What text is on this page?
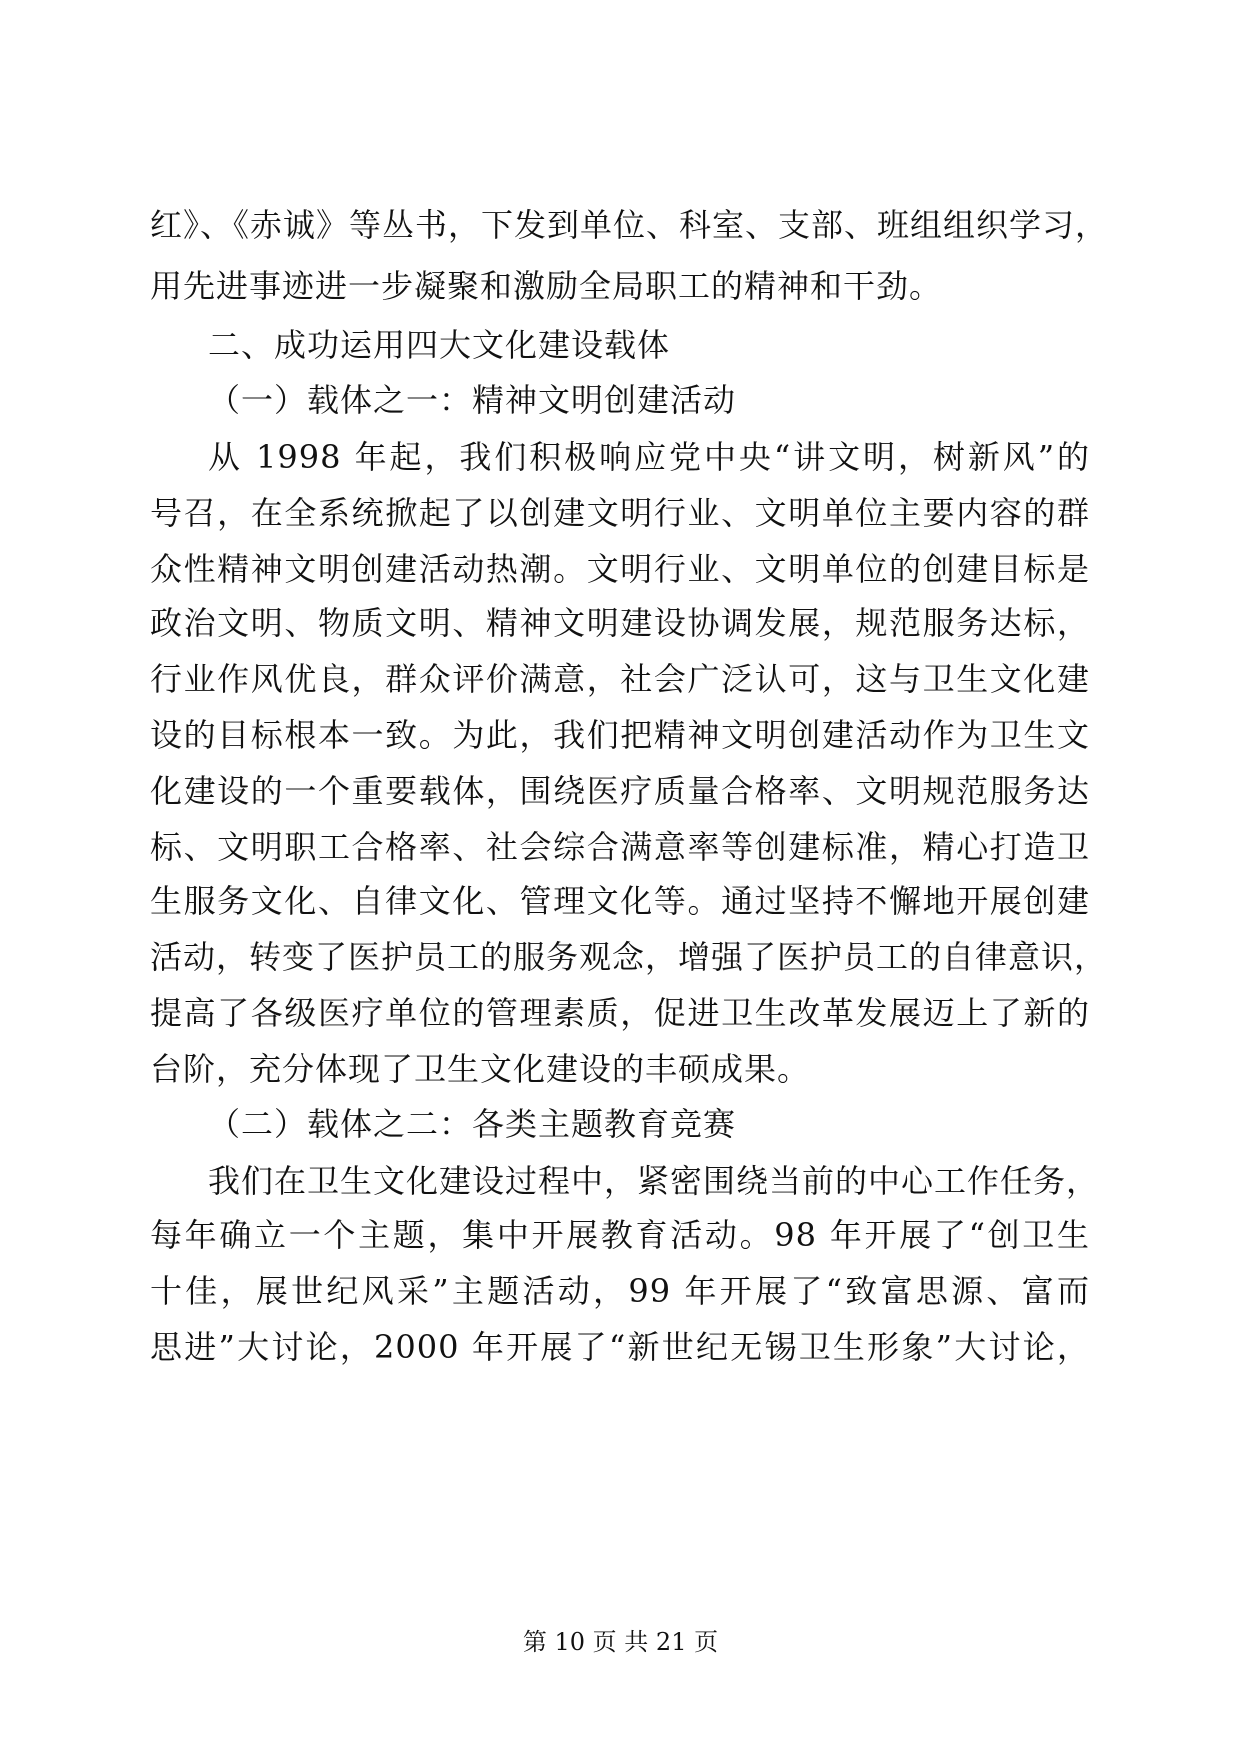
红》、《赤诚》等丛书，下发到单位、科室、支部、班组组织学习，
用先进事迹进一步凝聚和激励全局职工的精神和干劲。
二、成功运用四大文化建设载体
（一）载体之一：精神文明创建活动
从 1998 年起，我们积极响应党中央“讲文明，树新风”的
号召，在全系统掀起了以创建文明行业、文明单位主要内容的群
众性精神文明创建活动热潮。文明行业、文明单位的创建目标是
政治文明、物质文明、精神文明建设协调发展，规范服务达标，
行业作风优良，群众评价满意，社会广泛认可，这与卫生文化建
设的目标根本一致。为此，我们把精神文明创建活动作为卫生文
化建设的一个重要载体，围绕医疗质量合格率、文明规范服务达
标、文明职工合格率、社会综合满意率等创建标准，精心打造卫
生服务文化、自律文化、管理文化等。通过坚持不懈地开展创建
活动，转变了医护员工的服务观念，增强了医护员工的自律意识，
提高了各级医疗单位的管理素质，促进卫生改革发展迈上了新的
台阶，充分体现了卫生文化建设的丰硕成果。
（二）载体之二：各类主题教育竞赛
我们在卫生文化建设过程中，紧密围绕当前的中心工作任务，
每年确立一个主题，集中开展教育活动。98 年开展了“创卫生
十佳，展世纪风采”主题活动，99 年开展了“致富思源、富而
思进”大讨论，2000 年开展了“新世纪无锡卫生形象”大讨论，
第 10 页 共 21 页
